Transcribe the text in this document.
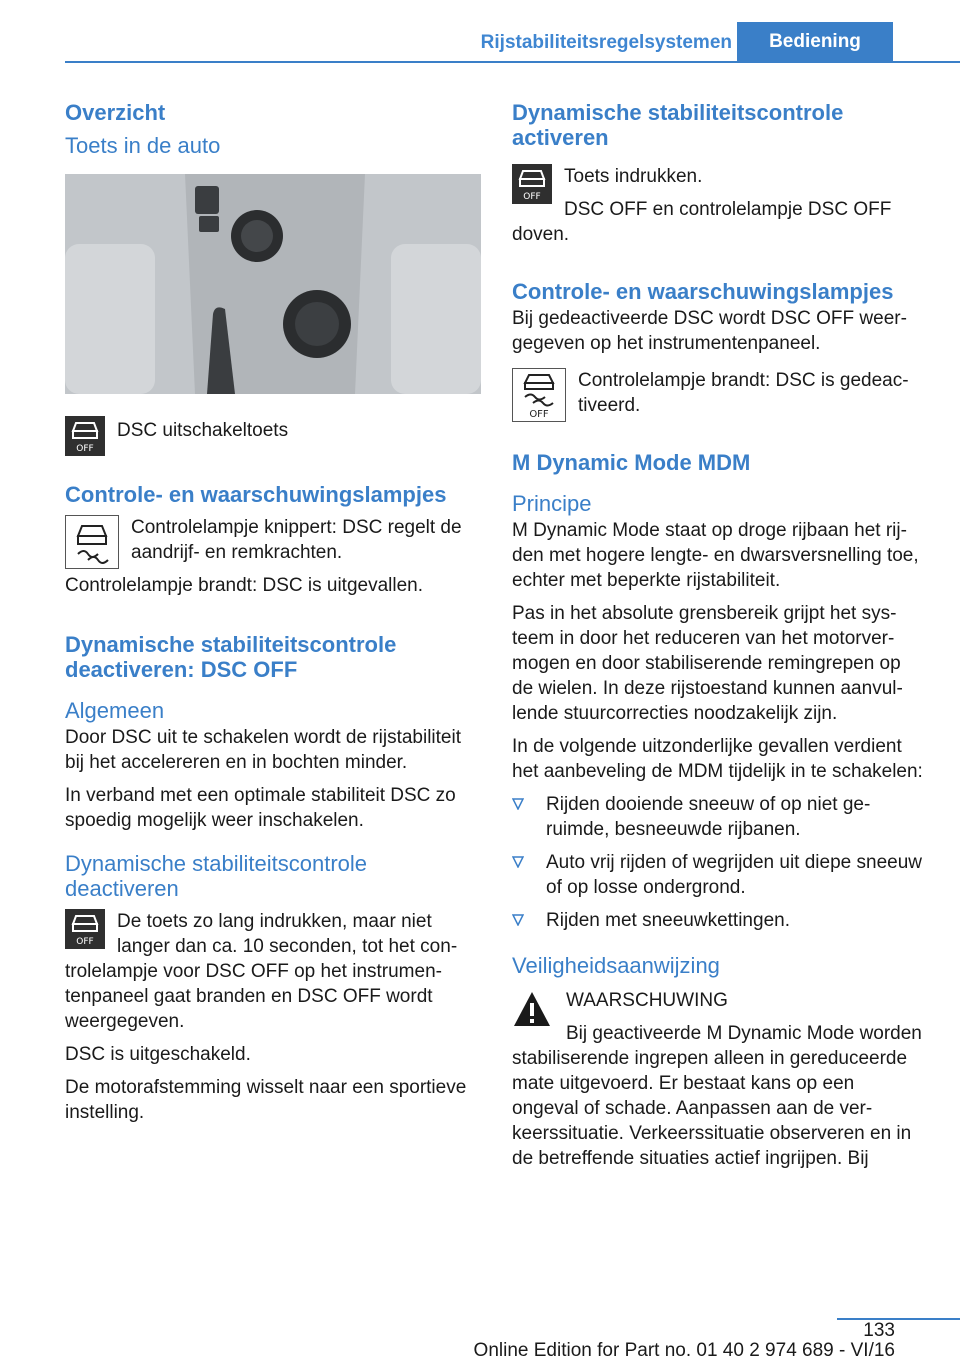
Rijstabiliteitsregelsystemen	Bediening
Overzicht
Toets in de auto
OFF

DSC uitschakeltoets

Controle- en waarschuwingslampjes

Controlelampje knippert: DSC regelt de aandrijf- en remkrachten.

Controlelampje brandt: DSC is uitgevallen.

Dynamische stabiliteitscontrole deactiveren: DSC OFF
Algemeen

Door DSC uit te schakelen wordt de rijstabiliteit bij het accelereren en in bochten minder.

In verband met een optimale stabiliteit DSC zo spoedig mogelijk weer inschakelen.

Dynamische stabiliteitscontrole deactiveren
OFF

De toets zo lang indrukken, maar niet langer dan ca. 10 seconden, tot het controlelampje voor DSC OFF op het instrumentenpaneel gaat branden en DSC OFF wordt weergegeven.

DSC is uitgeschakeld.

De motorafstemming wisselt naar een sportieve instelling.

Dynamische stabiliteitscontrole activeren
OFF

Toets indrukken.

DSC OFF en controlelampje DSC OFF doven.

Controle- en waarschuwingslampjes

Bij gedeactiveerde DSC wordt DSC OFF weergegeven op het instrumentenpaneel.

OFF

Controlelampje brandt: DSC is gedeactiveerd.

M Dynamic Mode MDM
Principe

M Dynamic Mode staat op droge rijbaan het rijden met hogere lengte- en dwarsversnelling toe, echter met beperkte rijstabiliteit.

Pas in het absolute grensbereik grijpt het systeem in door het reduceren van het motorvermogen en door stabiliserende remingrepen op de wielen. In deze rijstoestand kunnen aanvullende stuurcorrecties noodzakelijk zijn.

In de volgende uitzonderlijke gevallen verdient het aanbeveling de MDM tijdelijk in te schakelen:

Rijden dooiende sneeuw of op niet geruimde, besneeuwde rijbanen.
Auto vrij rijden of wegrijden uit diepe sneeuw of op losse ondergrond.
Rijden met sneeuwkettingen.
Veiligheidsaanwijzing

WAARSCHUWING

Bij geactiveerde M Dynamic Mode worden stabiliserende ingrepen alleen in gereduceerde mate uitgevoerd. Er bestaat kans op een ongeval of schade. Aanpassen aan de verkeerssituatie. Verkeerssituatie observeren en in de betreffende situaties actief ingrijpen. Bij

133
Online Edition for Part no. 01 40 2 974 689 - VI/16
